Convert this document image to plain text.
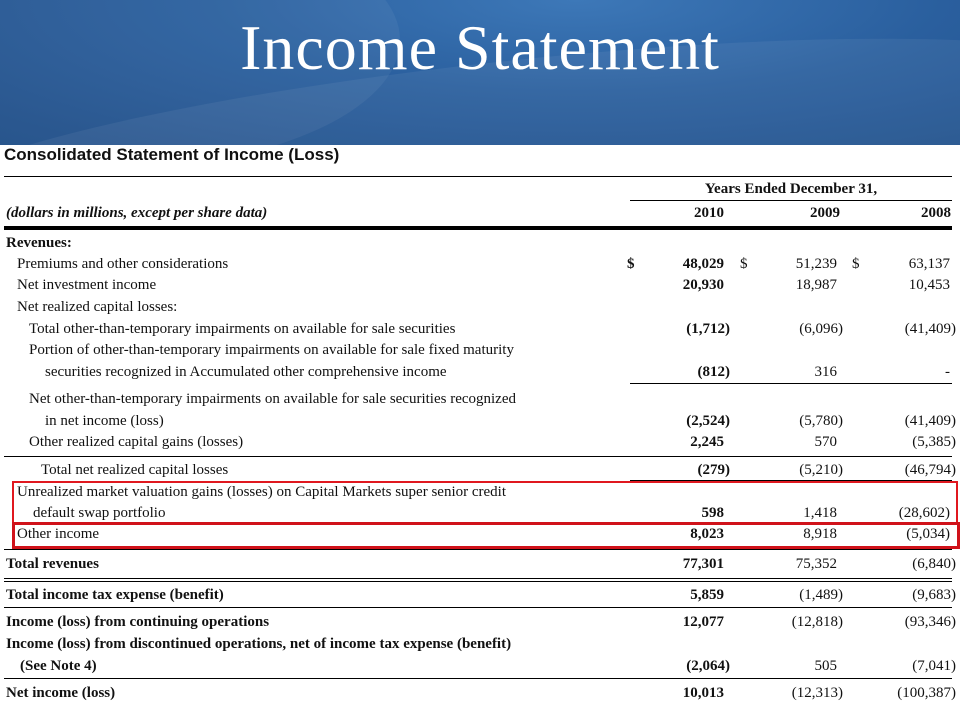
Income Statement
Consolidated Statement of Income (Loss)
Years Ended December 31,
(dollars in millions, except per share data)	2010	2009	2008
Revenues:
Premiums and other considerations	$	48,029 $	51,239 $	63,137
Net investment income	20,930	18,987	10,453
Net realized capital losses:
Total other-than-temporary impairments on available for sale securities	(1,712)	(6,096)	(41,409)
Portion of other-than-temporary impairments on available for sale fixed maturity
securities recognized in Accumulated other comprehensive income	(812)	316	-
Net other-than-temporary impairments on available for sale securities recognized
in net income (loss)	(2,524)	(5,780)	(41,409)
Other realized capital gains (losses)	2,245	570	(5,385)
Total net realized capital losses	(279)	(5,210)	(46,794)
Unrealized market valuation gains (losses) on Capital Markets super senior credit
default swap portfolio	598	1,418	(28,602)
Other income	8,023	8,918	(5,034)
Total revenues	77,301	75,352	(6,840)
Total income tax expense (benefit)	5,859	(1,489)	(9,683)
Income (loss) from continuing operations	12,077	(12,818)	(93,346)
Income (loss) from discontinued operations, net of income tax expense (benefit)
(See Note 4)	(2,064)	505	(7,041)
Net income (loss)	10,013	(12,313)	(100,387)
